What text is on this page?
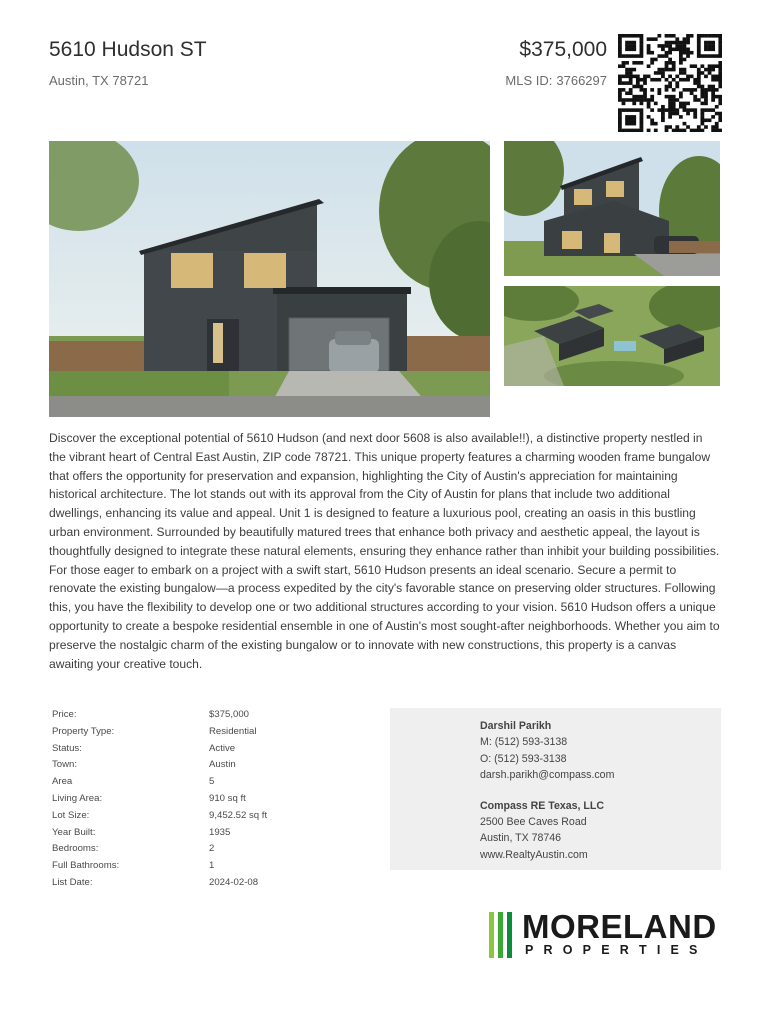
5610 Hudson ST
Austin, TX 78721
$375,000
MLS ID: 3766297
Discover the exceptional potential of 5610 Hudson (and next door 5608 is also available!!), a distinctive property nestled in the vibrant heart of Central East Austin, ZIP code 78721. This unique property features a charming wooden frame bungalow that offers the opportunity for preservation and expansion, highlighting the City of Austin's appreciation for maintaining historical architecture. The lot stands out with its approval from the City of Austin for plans that include two additional dwellings, enhancing its value and appeal. Unit 1 is designed to feature a luxurious pool, creating an oasis in this bustling urban environment. Surrounded by beautifully matured trees that enhance both privacy and aesthetic appeal, the layout is thoughtfully designed to integrate these natural elements, ensuring they enhance rather than inhibit your building possibilities. For those eager to embark on a project with a swift start, 5610 Hudson presents an ideal scenario. Secure a permit to renovate the existing bungalow—a process expedited by the city's favorable stance on preserving older structures. Following this, you have the flexibility to develop one or two additional structures according to your vision. 5610 Hudson offers a unique opportunity to create a bespoke residential ensemble in one of Austin's most sought-after neighborhoods. Whether you aim to preserve the nostalgic charm of the existing bungalow or to innovate with new constructions, this property is a canvas awaiting your creative touch.
Price:	$375,000
Property Type:	Residential
Status:	Active
Town:	Austin
Area	5
Living Area:	910 sq ft
Lot Size:	9,452.52 sq ft
Year Built:	1935
Bedrooms:	2
Full Bathrooms:	1
List Date:	2024-02-08
Darshil Parikh
M: (512) 593-3138
O: (512) 593-3138
darsh.parikh@compass.com
Compass RE Texas, LLC
2500 Bee Caves Road
Austin, TX 78746
www.RealtyAustin.com
MORELAND
PROPERTIES
